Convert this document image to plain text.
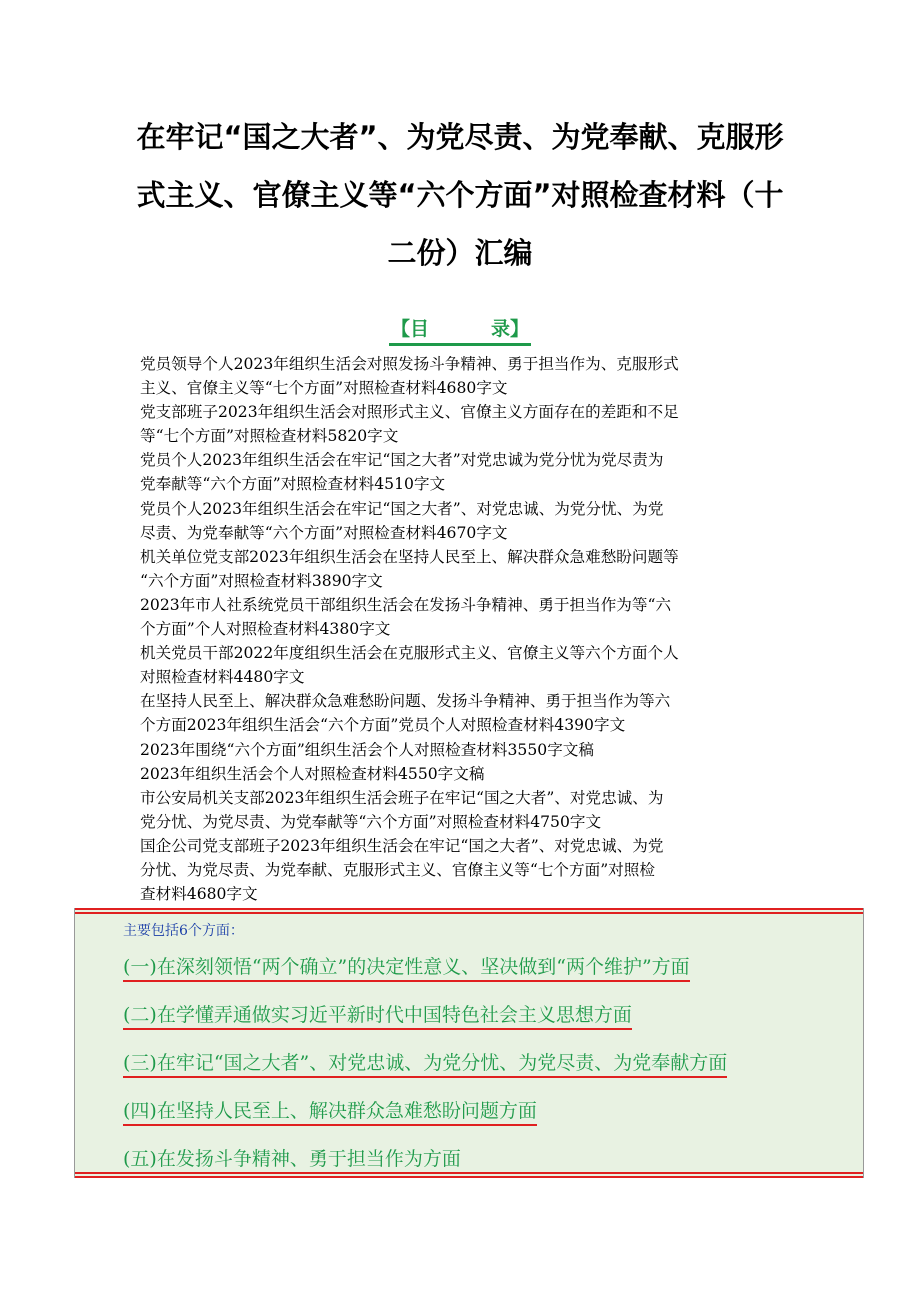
在牢记“国之大者”、为党尽责、为党奉献、克服形
式主义、官僚主义等“六个方面”对照检查材料（十
二份）汇编
【目	录】
党员领导个人2023年组织生活会对照发扬斗争精神、勇于担当作为、克服形式
主义、官僚主义等“七个方面”对照检查材料4680字文
党支部班子2023年组织生活会对照形式主义、官僚主义方面存在的差距和不足
等“七个方面”对照检查材料5820字文
党员个人2023年组织生活会在牢记“国之大者”对党忠诚为党分忧为党尽责为
党奉献等“六个方面”对照检查材料4510字文
党员个人2023年组织生活会在牢记“国之大者”、对党忠诚、为党分忧、为党
尽责、为党奉献等“六个方面”对照检查材料4670字文
机关单位党支部2023年组织生活会在坚持人民至上、解决群众急难愁盼问题等
“六个方面”对照检查材料3890字文
2023年市人社系统党员干部组织生活会在发扬斗争精神、勇于担当作为等“六
个方面”个人对照检查材料4380字文
机关党员干部2022年度组织生活会在克服形式主义、官僚主义等六个方面个人
对照检查材料4480字文
在坚持人民至上、解决群众急难愁盼问题、发扬斗争精神、勇于担当作为等六
个方面2023年组织生活会“六个方面”党员个人对照检查材料4390字文
2023年围绕“六个方面”组织生活会个人对照检查材料3550字文稿
2023年组织生活会个人对照检查材料4550字文稿
市公安局机关支部2023年组织生活会班子在牢记“国之大者”、对党忠诚、为
党分忧、为党尽责、为党奉献等“六个方面”对照检查材料4750字文
国企公司党支部班子2023年组织生活会在牢记“国之大者”、对党忠诚、为党
分忧、为党尽责、为党奉献、克服形式主义、官僚主义等“七个方面”对照检
查材料4680字文
主要包括6个方面：
(一)在深刻领悟“两个确立”的决定性意义、坚决做到“两个维护”方面
(二)在学懂弄通做实习近平新时代中国特色社会主义思想方面
(三)在牢记“国之大者”、对党忠诚、为党分忧、为党尽责、为党奉献方面
(四)在坚持人民至上、解决群众急难愁盼问题方面
(五)在发扬斗争精神、勇于担当作为方面
